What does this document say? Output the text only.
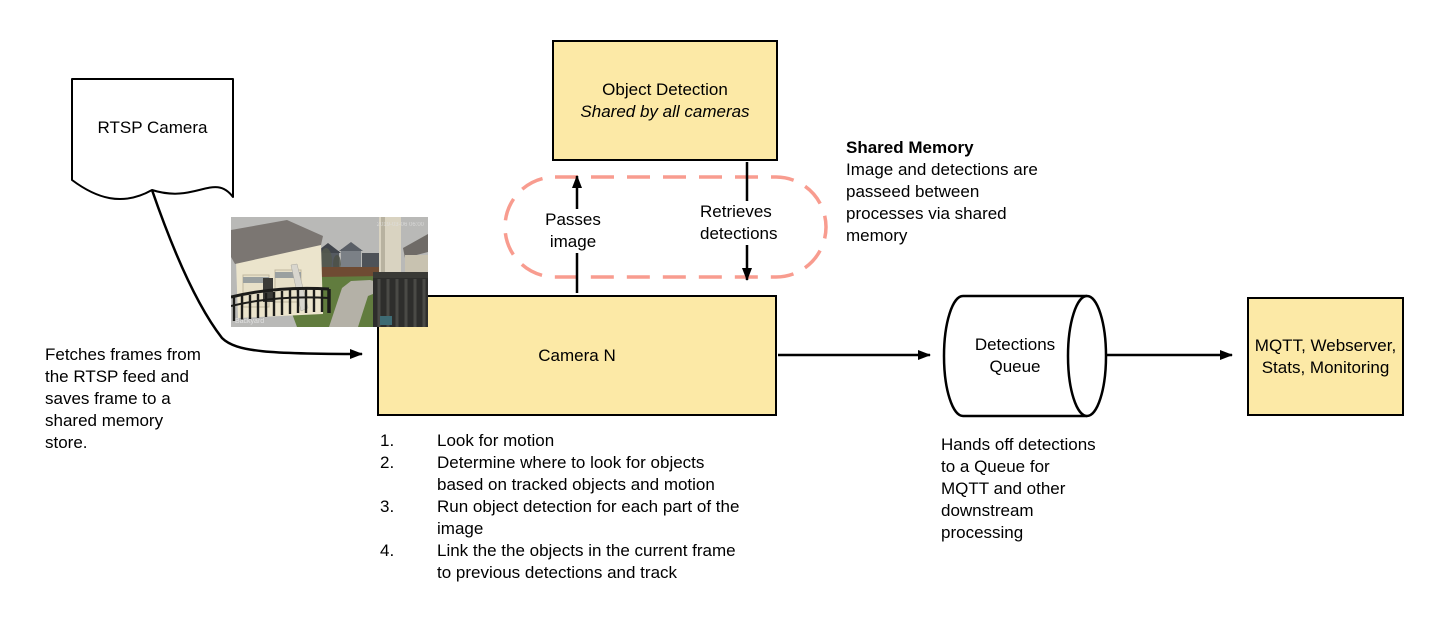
Object Detection
Shared by all cameras
Camera N
MQTT, Webserver,
Stats, Monitoring
2019-03-06 06:00
Backyard
RTSP Camera
Fetches frames from
the RTSP feed and
saves frame to a
shared memory
store.
Shared Memory
Image and detections are
passeed between
processes via shared
memory
Passes
image
Retrieves
detections
Detections
Queue
Hands off detections
to a Queue for
MQTT and other
downstream
processing
1.	Look for motion
2.	Determine where to look for objects
based on tracked objects and motion
3.	Run object detection for each part of the
image
4.	Link the the objects in the current frame
to previous detections and track
